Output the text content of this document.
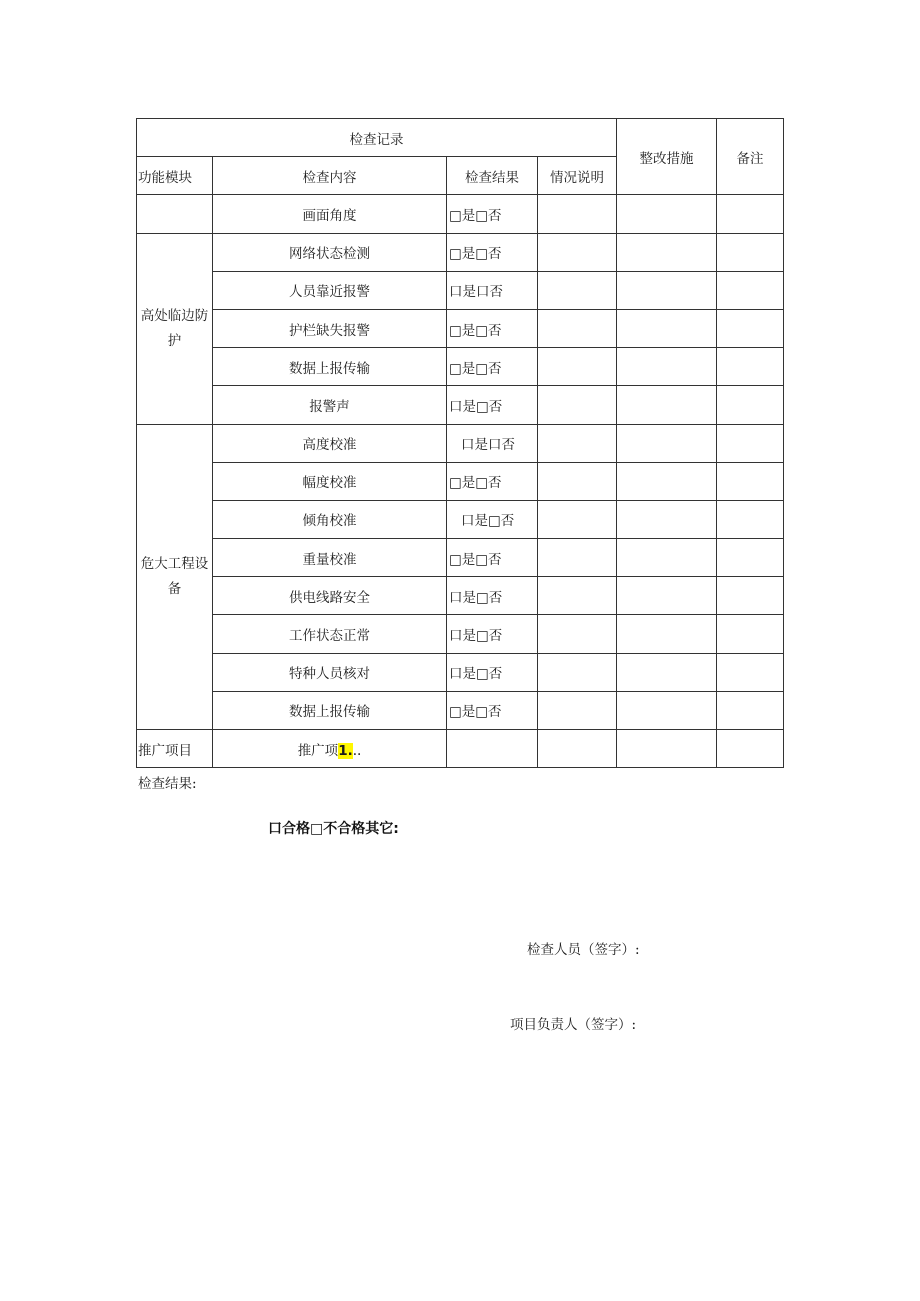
检查记录				整改措施	备注
功能模块	检查内容	检查结果	情况说明		
	画面角度	□是□否			
高处临边防护	网络状态检测	□是□否			
	人员靠近报警	口是口否			
	护栏缺失报警	□是□否			
	数据上报传输	□是□否			
	报警声	口是□否			
危大工程设备	高度校准	口是口否			
	幅度校准	□是□否			
	倾角校准	口是□否			
	重量校准	□是□否			
	供电线路安全	口是□否			
	工作状态正常	口是□否			
	特种人员核对	口是□否			
	数据上报传输	□是□否			
推广项目	推广项1...				
检查结果:
口合格□不合格其它:
检查人员（签字）:
项目负责人（签字）:
